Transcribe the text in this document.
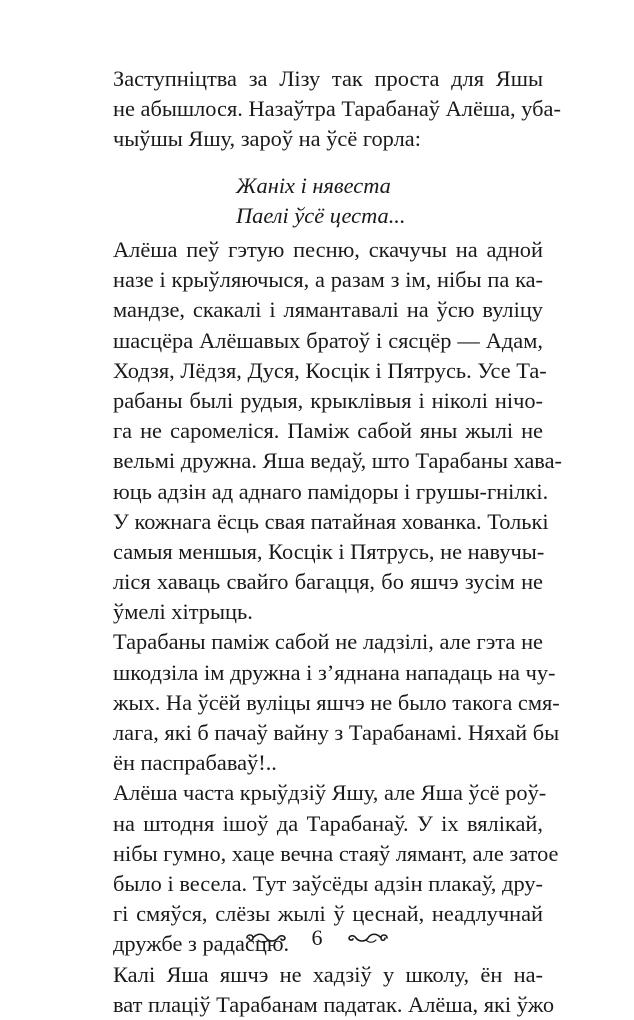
Заступніцтва за Лізу так проста для Яшы
не абышлося. Назаўтра Тарабанаў Алёша, уба-
чыўшы Яшу, зароў на ўсё горла:
Жаніх і нявеста
Паелі ўсё цеста...
Алёша пеў гэтую песню, скачучы на адной
назе і крыўляючыся, а разам з ім, нібы па ка-
мандзе, скакалі і лямантавалі на ўсю вуліцу
шасцёра Алёшавых братоў і сясцёр — Адам,
Ходзя, Лёдзя, Дуся, Косцік і Пятрусь. Усе Та-
рабаны былі рудыя, крыклівыя і ніколі нічо-
га не саромеліся. Паміж сабой яны жылі не
вельмі дружна. Яша ведаў, што Тарабаны хава-
юць адзін ад аднаго памідоры і грушы-гнілкі.
У кожнага ёсць свая патайная хованка. Толькі
самыя меншыя, Косцік і Пятрусь, не навучы-
ліся хаваць свайго багацця, бо яшчэ зусім не
ўмелі хітрыць.
Тарабаны паміж сабой не ладзілі, але гэта не
шкодзіла ім дружна і з’яднана нападаць на чу-
жых. На ўсёй вуліцы яшчэ не было такога смя-
лага, які б пачаў вайну з Тарабанамі. Няхай бы
ён паспрабаваў!..
Алёша часта крыўдзіў Яшу, але Яша ўсё роў-
на штодня ішоў да Тарабанаў. У іх вялікай,
нібы гумно, хаце вечна стаяў лямант, але затое
было і весела. Тут заўсёды адзін плакаў, дру-
гі смяўся, слёзы жылі ў цеснай, неадлучнай
дружбе з радасцю.
Калі Яша яшчэ не хадзіў у школу, ён на-
ват плаціў Тарабанам падатак. Алёша, які ўжо
6
